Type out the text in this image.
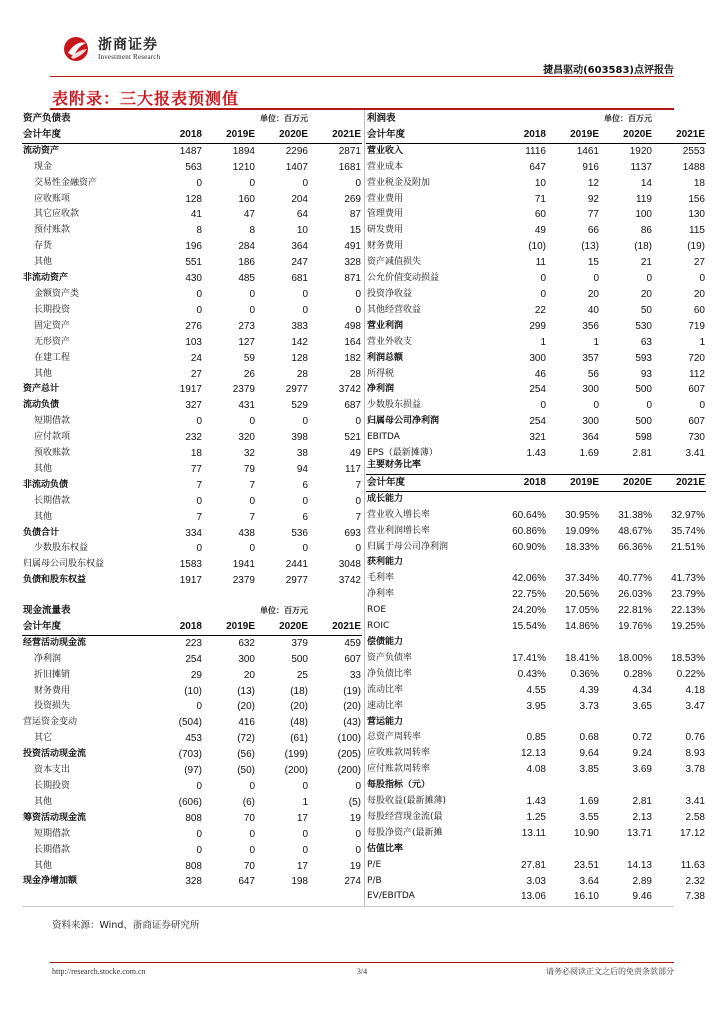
浙商证券
Investment Research
捷昌驱动(603583)点评报告
表附录：三大报表预测值
资产负债表	单位：百万元			
会计年度	2018	2019E	2020E	2021E
流动资产	1487	1894	2296	2871
现金	563	1210	1407	1681
交易性金融资产	0	0	0	0
应收账项	128	160	204	269
其它应收款	41	47	64	87
预付账款	8	8	10	15
存货	196	284	364	491
其他	551	186	247	328
非流动资产	430	485	681	871
金额资产类	0	0	0	0
长期投资	0	0	0	0
固定资产	276	273	383	498
无形资产	103	127	142	164
在建工程	24	59	128	182
其他	27	26	28	28
资产总计	1917	2379	2977	3742
流动负债	327	431	529	687
短期借款	0	0	0	0
应付款项	232	320	398	521
预收账款	18	32	38	49
其他	77	79	94	117
非流动负债	7	7	6	7
长期借款	0	0	0	0
其他	7	7	6	7
负债合计	334	438	536	693
少数股东权益	0	0	0	0
归属母公司股东权益	1583	1941	2441	3048
负债和股东权益	1917	2379	2977	3742
现金流量表	单位：百万元			
会计年度	2018	2019E	2020E	2021E
经营活动现金流	223	632	379	459
净利润	254	300	500	607
折旧摊销	29	20	25	33
财务费用	(10)	(13)	(18)	(19)
投资损失	0	(20)	(20)	(20)
营运资金变动	(504)	416	(48)	(43)
其它	453	(72)	(61)	(100)
投资活动现金流	(703)	(56)	(199)	(205)
资本支出	(97)	(50)	(200)	(200)
长期投资	0	0	0	0
其他	(606)	(6)	1	(5)
筹资活动现金流	808	70	17	19
短期借款	0	0	0	0
长期借款	0	0	0	0
其他	808	70	17	19
现金净增加额	328	647	198	274
利润表	单位：百万元			
会计年度	2018	2019E	2020E	2021E
营业收入	1116	1461	1920	2553
营业成本	647	916	1137	1488
营业税金及附加	10	12	14	18
营业费用	71	92	119	156
管理费用	60	77	100	130
研发费用	49	66	86	115
财务费用	(10)	(13)	(18)	(19)
资产减值损失	11	15	21	27
公允价值变动损益	0	0	0	0
投资净收益	0	20	20	20
其他经营收益	22	40	50	60
营业利润	299	356	530	719
营业外收支	1	1	63	1
利润总额	300	357	593	720
所得税	46	56	93	112
净利润	254	300	500	607
少数股东损益	0	0	0	0
归属母公司净利润	254	300	500	607
EBITDA	321	364	598	730
EPS（最新摊薄）	1.43	1.69	2.81	3.41
主要财务比率				
会计年度	2018	2019E	2020E	2021E
成长能力				
营业收入增长率	60.64%	30.95%	31.38%	32.97%
营业利润增长率	60.86%	19.09%	48.67%	35.74%
归属于母公司净利润	60.90%	18.33%	66.36%	21.51%
获利能力				
毛利率	42.06%	37.34%	40.77%	41.73%
净利率	22.75%	20.56%	26.03%	23.79%
ROE	24.20%	17.05%	22.81%	22.13%
ROIC	15.54%	14.86%	19.76%	19.25%
偿债能力				
资产负债率	17.41%	18.41%	18.00%	18.53%
净负债比率	0.43%	0.36%	0.28%	0.22%
流动比率	4.55	4.39	4.34	4.18
速动比率	3.95	3.73	3.65	3.47
营运能力				
总资产周转率	0.85	0.68	0.72	0.76
应收账款周转率	12.13	9.64	9.24	8.93
应付账款周转率	4.08	3.85	3.69	3.78
每股指标（元）				
每股收益(最新摊薄)	1.43	1.69	2.81	3.41
每股经营现金流(最	1.25	3.55	2.13	2.58
每股净资产(最新摊	13.11	10.90	13.71	17.12
估值比率				
P/E	27.81	23.51	14.13	11.63
P/B	3.03	3.64	2.89	2.32
EV/EBITDA	13.06	16.10	9.46	7.38
资料来源：Wind、浙商证券研究所
http://research.stocke.com.cn	3/4	请务必阅读正文之后的免责条款部分
